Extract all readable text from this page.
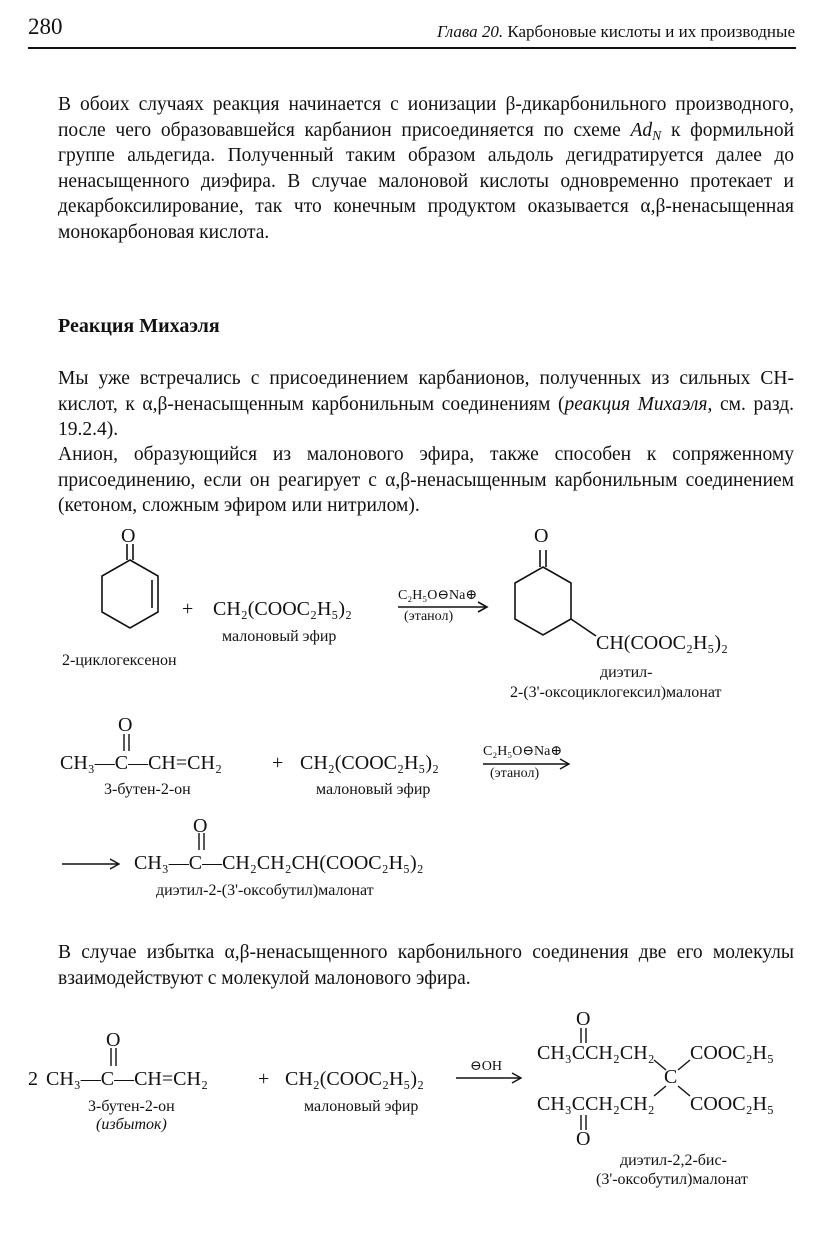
280	Глава 20. Карбоновые кислоты и их производные

В обоих случаях реакция начинается с ионизации β-дикарбонильного производного, после чего образовавшейся карбанион присоединяется по схеме $Ad_N$ к формильной группе альдегида. Полученный таким образом альдоль дегидратируется далее до ненасыщенного диэфира. В случае малоновой кислоты одновременно протекает и декарбоксилирование, так что конечным продуктом оказывается α,β-ненасыщенная монокарбоновая кислота.

Реакция Михаэля

Мы уже встречались с присоединением карбанионов, полученных из сильных CH-кислот, к α,β-ненасыщенным карбонильным соединениям (реакция Михаэля, см. разд. 19.2.4).

Анион, образующийся из малонового эфира, также способен к сопряженному присоединению, если он реагирует с α,β-ненасыщенным карбонильным соединением (кетоном, сложным эфиром или нитрилом).

O
2-циклогексенон
+ CH₂(COOC₂H₅)₂
малоновый эфир
C₂H₅O⊖Na⊕
(этанол)
O
CH(COOC₂H₅)₂
диэтил-
2-(3'-оксоциклогексил)малонат
O
CH₃—C—CH=CH₂
3-бутен-2-он
+ CH₂(COOC₂H₅)₂
малоновый эфир
C₂H₅O⊖Na⊕
(этанол)
O
CH₃—C—CH₂CH₂CH(COOC₂H₅)₂
диэтил-2-(3'-оксобутил)малонат

В случае избытка α,β-ненасыщенного карбонильного соединения две его молекулы взаимодействуют с молекулой малонового эфира.

2
O
CH₃—C—CH=CH₂
3-бутен-2-он
(избыток)
+ CH₂(COOC₂H₅)₂
малоновый эфир
⊖OH
O
CH₃CCH₂CH₂ COOC₂H₅
C
CH₃CCH₂CH₂ COOC₂H₅
O
диэтил-2,2-бис-
(3'-оксобутил)малонат
